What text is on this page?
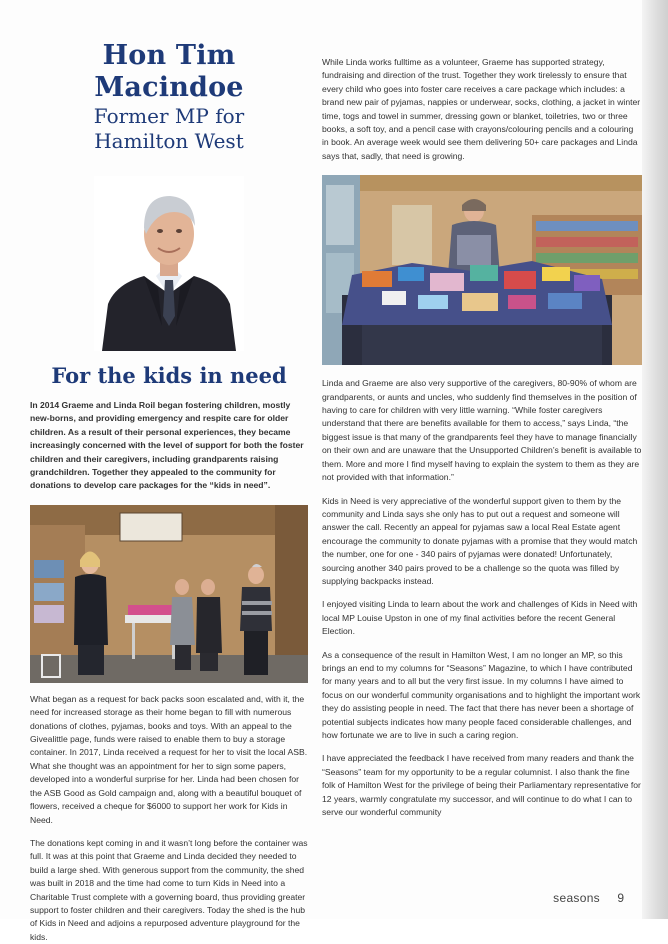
Hon Tim Macindoe

Former MP for

Hamilton West

For the kids in need

In 2014 Graeme and Linda Roil began fostering children, mostly new-borns, and providing emergency and respite care for older children. As a result of their personal experiences, they became increasingly concerned with the level of support for both the foster children and their caregivers, including grandparents raising grandchildren. Together they appealed to the community for donations to develop care packages for the “kids in need”.

What began as a request for back packs soon escalated and, with it, the need for increased storage as their home began to fill with numerous donations of clothes, pyjamas, books and toys. With an appeal to the Givealittle page, funds were raised to enable them to buy a storage container. In 2017, Linda received a request for her to visit the local ASB. What she thought was an appointment for her to sign some papers, developed into a wonderful surprise for her. Linda had been chosen for the ASB Good as Gold campaign and, along with a beautiful bouquet of flowers, received a cheque for $6000 to support her work for Kids in Need.

The donations kept coming in and it wasn’t long before the container was full. It was at this point that Graeme and Linda decided they needed to build a large shed. With generous support from the community, the shed was built in 2018 and the time had come to turn Kids in Need into a Charitable Trust complete with a governing board, thus providing greater support to foster children and their caregivers. Today the shed is the hub of Kids in Need and adjoins a repurposed adventure playground for the kids.

While Linda works fulltime as a volunteer, Graeme has supported strategy, fundraising and direction of the trust. Together they work tirelessly to ensure that every child who goes into foster care receives a care package which includes: a brand new pair of pyjamas, nappies or underwear, socks, clothing, a jacket in winter time, togs and towel in summer, dressing gown or blanket, toiletries, two or three books, a soft toy, and a pencil case with crayons/colouring pencils and a colouring in book. An average week would see them delivering 50+ care packages and Linda says that, sadly, that need is growing.

Linda and Graeme are also very supportive of the caregivers, 80-90% of whom are grandparents, or aunts and uncles, who suddenly find themselves in the position of having to care for children with very little warning. “While foster caregivers understand that there are benefits available for them to access,” says Linda, “the biggest issue is that many of the grandparents feel they have to manage financially on their own and are unaware that the Unsupported Children’s benefit is available to them. More and more I find myself having to explain the system to them as they are not provided with that information.”

Kids in Need is very appreciative of the wonderful support given to them by the community and Linda says she only has to put out a request and someone will answer the call. Recently an appeal for pyjamas saw a local Real Estate agent encourage the community to donate pyjamas with a promise that they would match the number, one for one - 340 pairs of pyjamas were donated! Unfortunately, sourcing another 340 pairs proved to be a challenge so the quota was filled by supplying backpacks instead.

I enjoyed visiting Linda to learn about the work and challenges of Kids in Need with local MP Louise Upston in one of my final activities before the recent General Election.

As a consequence of the result in Hamilton West, I am no longer an MP, so this brings an end to my columns for “Seasons” Magazine, to which I have contributed for many years and to all but the very first issue. In my columns I have aimed to focus on our wonderful community organisations and to highlight the important work they do assisting people in need. The fact that there has never been a shortage of potential subjects indicates how many people faced considerable challenges, and how fortunate we are to live in such a caring region.

I have appreciated the feedback I have received from many readers and thank the “Seasons” team for my opportunity to be a regular columnist. I also thank the fine folk of Hamilton West for the privilege of being their Parliamentary representative for 12 years, warmly congratulate my successor, and will continue to do what I can to serve our wonderful community

seasons 9
